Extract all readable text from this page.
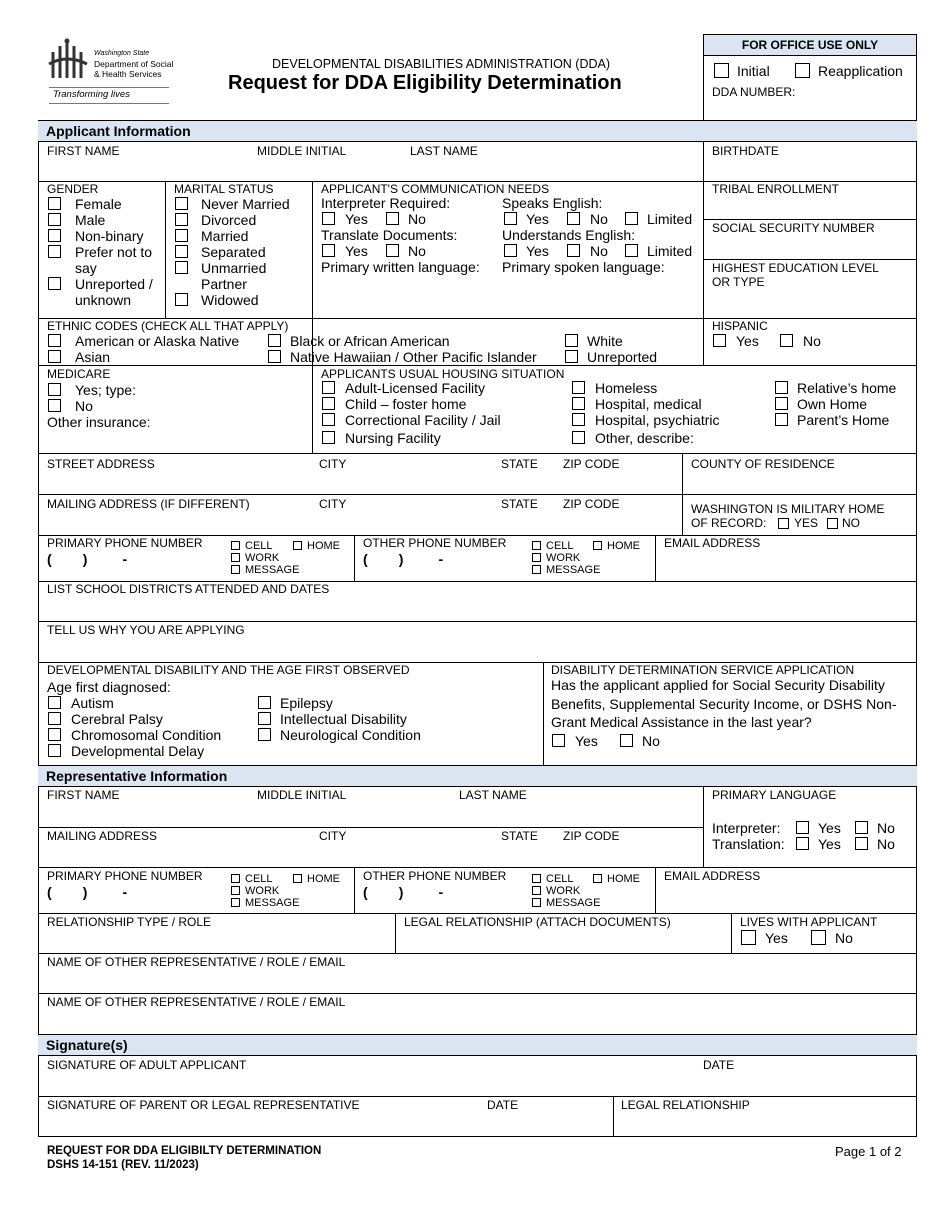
Washington State
Department of Social
& Health Services
Transforming lives
DEVELOPMENTAL DISABILITIES ADMINISTRATION (DDA)
Request for DDA Eligibility Determination
FOR OFFICE USE ONLY
Initial	Reapplication
DDA NUMBER:
Applicant Information
FIRST NAME	MIDDLE INITIAL	LAST NAME	BIRTHDATE
GENDER
Female
Male
Non-binary
Prefer not to
say
Unreported /
unknown
MARITAL STATUS
Never Married
Divorced
Married
Separated
Unmarried
Partner
Widowed
APPLICANT'S COMMUNICATION NEEDS
Interpreter Required:
Yes	No
Translate Documents:
Yes	No
Primary written language:
Speaks English:
Yes	No	Limited
Understands English:
Yes	No	Limited
Primary spoken language:
TRIBAL ENROLLMENT
SOCIAL SECURITY NUMBER
HIGHEST EDUCATION LEVEL
OR TYPE
ETHNIC CODES (CHECK ALL THAT APPLY)
American or Alaska Native
Asian
Black or African American
Native Hawaiian / Other Pacific Islander
White
Unreported
HISPANIC
Yes	No
MEDICARE
Yes; type:
No
Other insurance:
APPLICANTS USUAL HOUSING SITUATION
Adult-Licensed Facility
Child – foster home
Correctional Facility / Jail
Nursing Facility
Homeless
Hospital, medical
Hospital, psychiatric
Other, describe:
Relative’s home
Own Home
Parent’s Home
STREET ADDRESS	CITY	STATE ZIP CODE	COUNTY OF RESIDENCE
MAILING ADDRESS (IF DIFFERENT)	CITY	STATE ZIP CODE	WASHINGTON IS MILITARY HOME
OF RECORD: YES NO
PRIMARY PHONE NUMBER
(        )         -
CELL	HOME
WORK
MESSAGE
OTHER PHONE NUMBER
(        )         -
CELL	HOME
WORK
MESSAGE
EMAIL ADDRESS
LIST SCHOOL DISTRICTS ATTENDED AND DATES
TELL US WHY YOU ARE APPLYING
DEVELOPMENTAL DISABILITY AND THE AGE FIRST OBSERVED
Age first diagnosed:
Autism
Cerebral Palsy
Chromosomal Condition
Developmental Delay
Epilepsy
Intellectual Disability
Neurological Condition
DISABILITY DETERMINATION SERVICE APPLICATION
Has the applicant applied for Social Security Disability
Benefits, Supplemental Security Income, or DSHS Non-
Grant Medical Assistance in the last year?
Yes	No
Representative Information
FIRST NAME	MIDDLE INITIAL	LAST NAME	PRIMARY LANGUAGE
MAILING ADDRESS	CITY	STATE ZIP CODE	Interpreter:	Yes	No
Translation: Yes	No
PRIMARY PHONE NUMBER
(        )         -
CELL	HOME
WORK
MESSAGE
OTHER PHONE NUMBER
(        )         -
CELL	HOME
WORK
MESSAGE
EMAIL ADDRESS
RELATIONSHIP TYPE / ROLE	LEGAL RELATIONSHIP (ATTACH DOCUMENTS)	LIVES WITH APPLICANT
Yes	No
NAME OF OTHER REPRESENTATIVE / ROLE / EMAIL
NAME OF OTHER REPRESENTATIVE / ROLE / EMAIL
Signature(s)
SIGNATURE OF ADULT APPLICANT	DATE
SIGNATURE OF PARENT OR LEGAL REPRESENTATIVE	DATE	LEGAL RELATIONSHIP
REQUEST FOR DDA ELIGIBILTY DETERMINATION
DSHS 14-151 (REV. 11/2023)
Page 1 of 2
